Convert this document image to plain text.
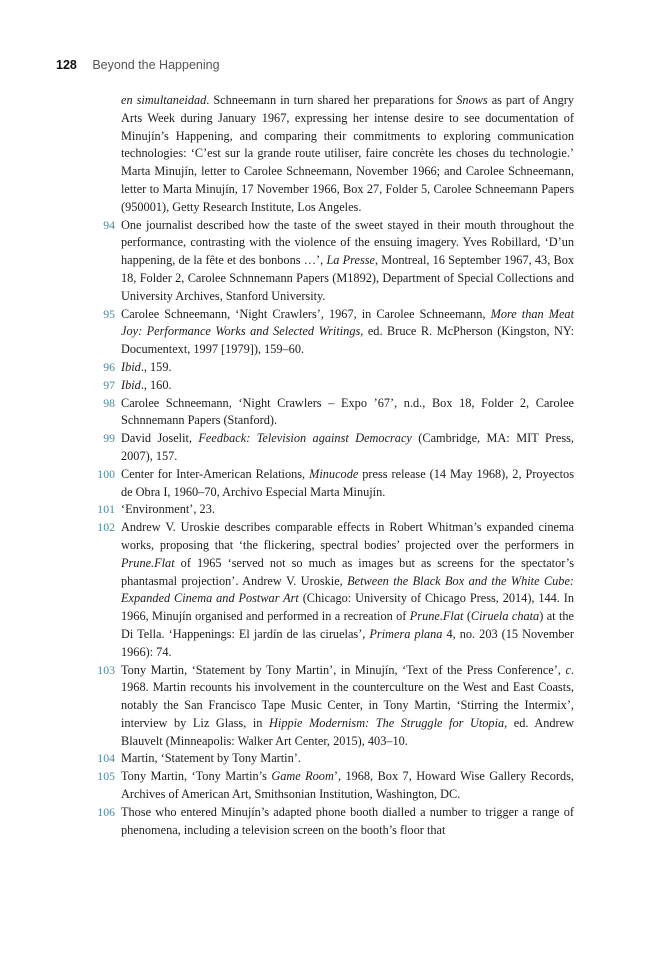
128 Beyond the Happening
en simultaneidad. Schneemann in turn shared her preparations for Snows as part of Angry Arts Week during January 1967, expressing her intense desire to see documentation of Minujín’s Happening, and comparing their commitments to exploring communication technologies: ‘C’est sur la grande route utiliser, faire concrète les choses du technologie.’ Marta Minujín, letter to Carolee Schneemann, November 1966; and Carolee Schneemann, letter to Marta Minujín, 17 November 1966, Box 27, Folder 5, Carolee Schneemann Papers (950001), Getty Research Institute, Los Angeles.
94 One journalist described how the taste of the sweet stayed in their mouth throughout the performance, contrasting with the violence of the ensuing imagery. Yves Robillard, ‘D’un happening, de la fête et des bonbons …’, La Presse, Montreal, 16 September 1967, 43, Box 18, Folder 2, Carolee Schnnemann Papers (M1892), Department of Special Collections and University Archives, Stanford University.
95 Carolee Schneemann, ‘Night Crawlers’, 1967, in Carolee Schneemann, More than Meat Joy: Performance Works and Selected Writings, ed. Bruce R. McPherson (Kingston, NY: Documentext, 1997 [1979]), 159–60.
96 Ibid., 159.
97 Ibid., 160.
98 Carolee Schneemann, ‘Night Crawlers – Expo ’67’, n.d., Box 18, Folder 2, Carolee Schnnemann Papers (Stanford).
99 David Joselit, Feedback: Television against Democracy (Cambridge, MA: MIT Press, 2007), 157.
100 Center for Inter-American Relations, Minucode press release (14 May 1968), 2, Proyectos de Obra I, 1960–70, Archivo Especial Marta Minujín.
101 ‘Environment’, 23.
102 Andrew V. Uroskie describes comparable effects in Robert Whitman’s expanded cinema works, proposing that ‘the flickering, spectral bodies’ projected over the performers in Prune.Flat of 1965 ‘served not so much as images but as screens for the spectator’s phantasmal projection’. Andrew V. Uroskie, Between the Black Box and the White Cube: Expanded Cinema and Postwar Art (Chicago: University of Chicago Press, 2014), 144. In 1966, Minujín organised and performed in a recreation of Prune.Flat (Ciruela chata) at the Di Tella. ‘Happenings: El jardín de las ciruelas’, Primera plana 4, no. 203 (15 November 1966): 74.
103 Tony Martin, ‘Statement by Tony Martin’, in Minujín, ‘Text of the Press Conference’, c. 1968. Martin recounts his involvement in the counterculture on the West and East Coasts, notably the San Francisco Tape Music Center, in Tony Martin, ‘Stirring the Intermix’, interview by Liz Glass, in Hippie Modernism: The Struggle for Utopia, ed. Andrew Blauvelt (Minneapolis: Walker Art Center, 2015), 403–10.
104 Martin, ‘Statement by Tony Martin’.
105 Tony Martin, ‘Tony Martin’s Game Room’, 1968, Box 7, Howard Wise Gallery Records, Archives of American Art, Smithsonian Institution, Washington, DC.
106 Those who entered Minujín’s adapted phone booth dialled a number to trigger a range of phenomena, including a television screen on the booth’s floor that
